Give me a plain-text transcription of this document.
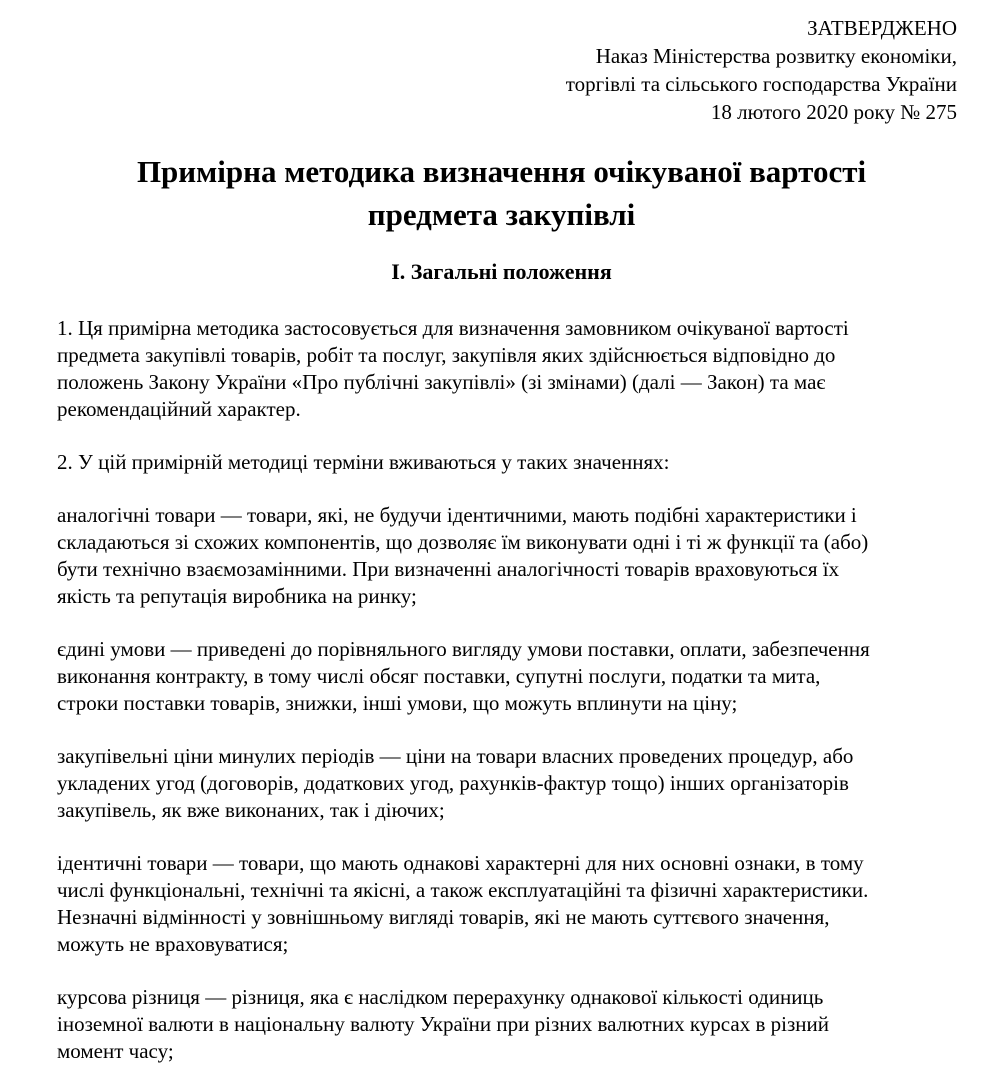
ЗАТВЕРДЖЕНО
Наказ Міністерства розвитку економіки,
торгівлі та сільського господарства України
18 лютого 2020 року № 275
Примірна методика визначення очікуваної вартості
предмета закупівлі
I. Загальні положення

1. Ця примірна методика застосовується для визначення замовником очікуваної вартості
предмета закупівлі товарів, робіт та послуг, закупівля яких здійснюється відповідно до
положень Закону України «Про публічні закупівлі» (зі змінами) (далі — Закон) та має
рекомендаційний характер.

2. У цій примірній методиці терміни вживаються у таких значеннях:

аналогічні товари — товари, які, не будучи ідентичними, мають подібні характеристики і
складаються зі схожих компонентів, що дозволяє їм виконувати одні і ті ж функції та (або)
бути технічно взаємозамінними. При визначенні аналогічності товарів враховуються їх
якість та репутація виробника на ринку;

єдині умови — приведені до порівняльного вигляду умови поставки, оплати, забезпечення
виконання контракту, в тому числі обсяг поставки, супутні послуги, податки та мита,
строки поставки товарів, знижки, інші умови, що можуть вплинути на ціну;

закупівельні ціни минулих періодів — ціни на товари власних проведених процедур, або
укладених угод (договорів, додаткових угод, рахунків-фактур тощо) інших організаторів
закупівель, як вже виконаних, так і діючих;

ідентичні товари — товари, що мають однакові характерні для них основні ознаки, в тому
числі функціональні, технічні та якісні, а також експлуатаційні та фізичні характеристики.
Незначні відмінності у зовнішньому вигляді товарів, які не мають суттєвого значення,
можуть не враховуватися;

курсова різниця — різниця, яка є наслідком перерахунку однакової кількості одиниць
іноземної валюти в національну валюту України при різних валютних курсах в різний
момент часу;
